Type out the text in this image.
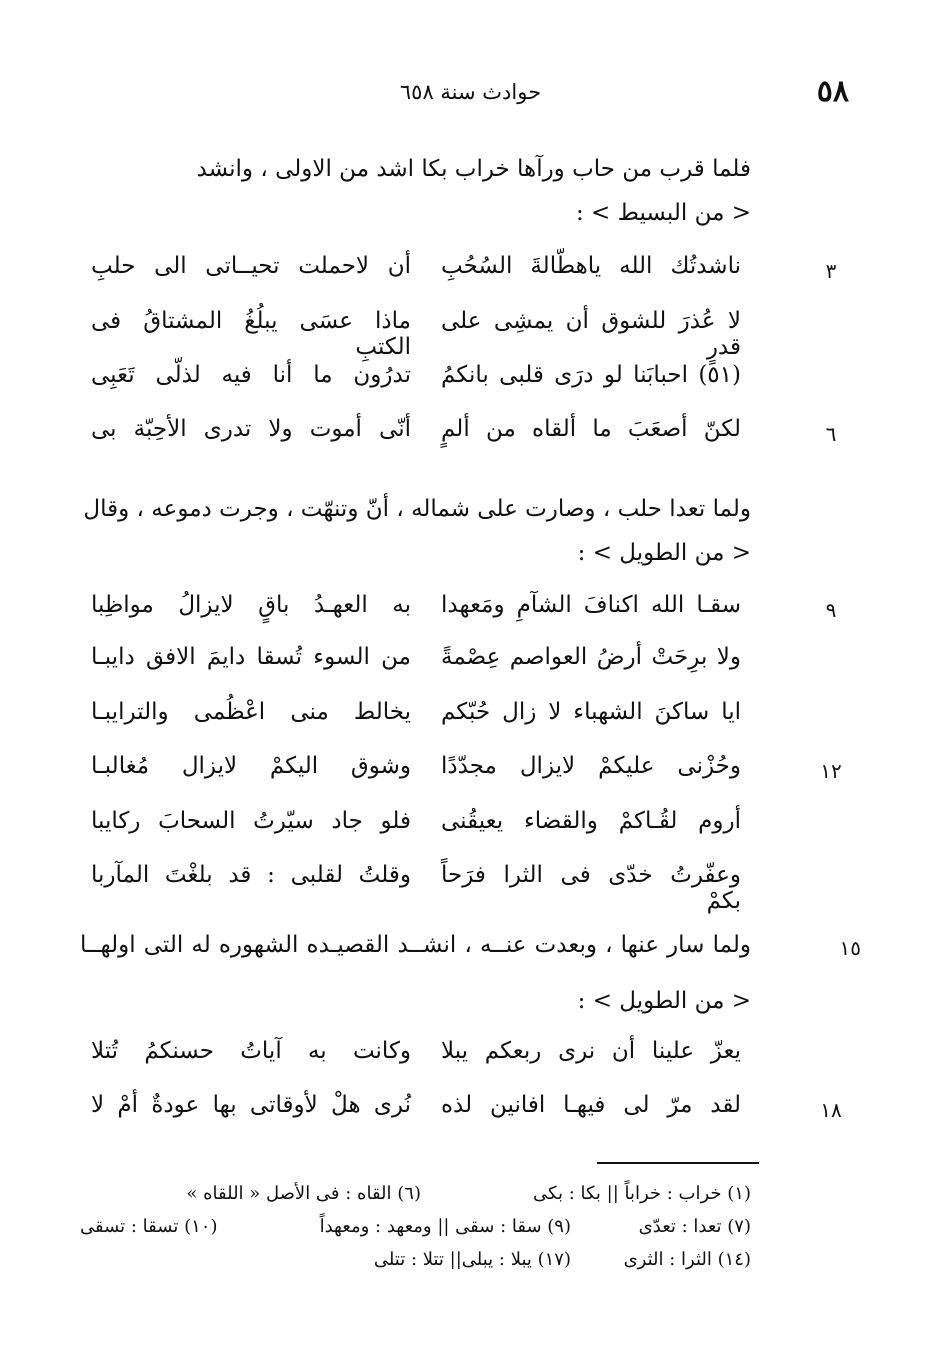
٥٨
حوادث سنة ٦٥٨
فلما قرب من حاب ورآها خراب بكا اشد من الاولى ، وانشد
< من البسيط > :
٣
ناشدتُك الله ياهطّالةَ السُحُبِ
أن لاحملت تحيــاتى الى حلبِ
لا عُذرَ للشوق أن يمشِى على قدرٍ
ماذا عسَى يبلُغُ المشتاقُ فى الكتبِ
(٥١) احبابَنا لو درَى قلبى بانكمُ
تدرُون ما أنا فيه لذلّى تَعَبِى
٦
لكنّ أصعَبَ ما ألقاه من ألمٍ
أنّى أموت ولا تدرى الأحِبّة بى
ولما تعدا حلب ، وصارت على شماله ، أنّ وتنهّت ، وجرت دموعه ، وقال
< من الطويل > :
٩
سقـا الله اكنافَ الشآمِ ومَعهدا
به العهـدُ باقٍ لايزالُ مواظِبا
ولا برِحَتْ أرضُ العواصم عِصْمةً
من السوء تُسقا دايمَ الافق دايبـا
ايا ساكنَ الشهباء لا زال حُبّكم
يخالط منى اعْظُمى والترايبـا
١٢
وحُزْنى عليكمْ لايزال مجدّدًا
وشوق اليكمْ لايزال مُغالبـا
أروم لقُـاكمْ والقضاء يعيقُنى
فلو جاد سيّرتُ السحابَ ركايبا
وعفّرتُ خدّى فى الثرا فرَحاً بكمْ
وقلتُ لقلبى : قد بلغْتَ المآربا
١٥
ولما سار عنها ، وبعدت عنــه ، انشــد القصيـده الشهوره له التى اولهــا
< من الطويل > :
يعزّ علينا أن نرى ربعكم يبلا
وكانت به آياتُ حسنكمُ تُتلا
١٨
لقد مرّ لى فيهـا افانين لذه
نُرى هلْ لأوقاتى بها عودةٌ أمْ لا
(١) خراب : خراباً || بكا : بكى
(٦) القاه : فى الأصل « اللقاه »
(٧) تعدا : تعدّى
(٩) سقا : سقى || ومعهد : ومعهداً
(١٠) تسقا : تسقى
(١٤) الثرا : الثرى
(١٧) يبلا : يبلى|| تتلا : تتلى
